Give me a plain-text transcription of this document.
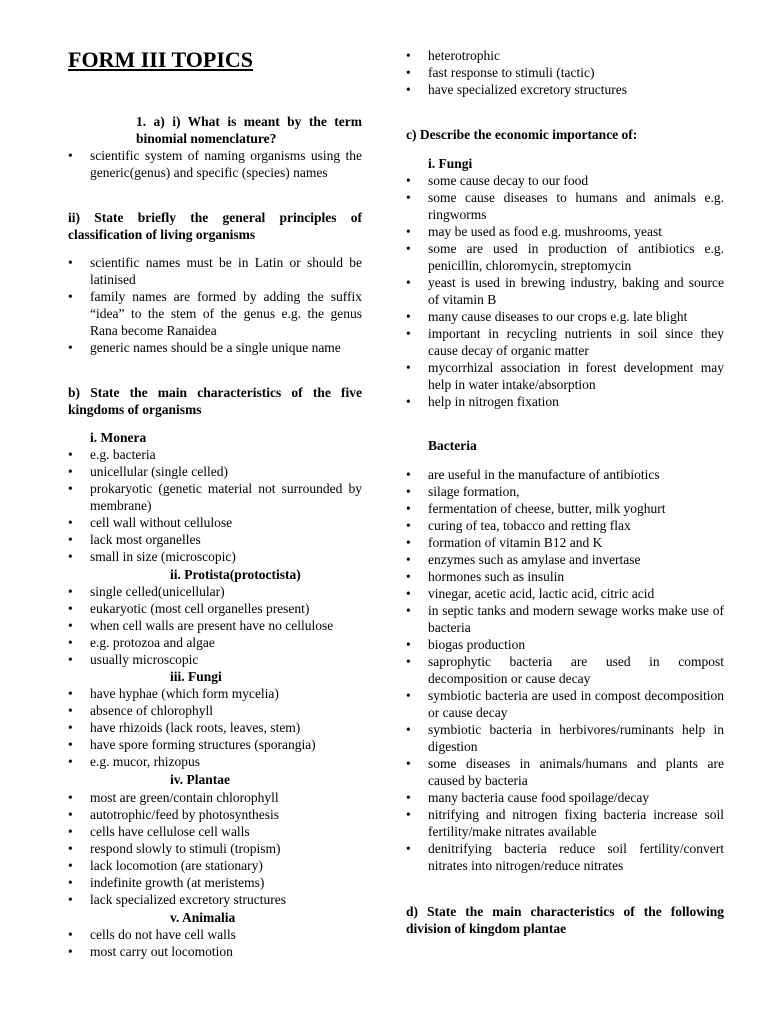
FORM III TOPICS
1. a) i) What is meant by the term binomial nomenclature?
• scientific system of naming organisms using the generic(genus) and specific (species) names
ii) State briefly the general principles of classification of living organisms
• scientific names must be in Latin or should be latinised
• family names are formed by adding the suffix “idea” to the stem of the genus e.g. the genus Rana become Ranaidea
• generic names should be a single unique name
b) State the main characteristics of the five kingdoms of organisms
i. Monera
• e.g. bacteria
• unicellular (single celled)
• prokaryotic (genetic material not surrounded by membrane)
• cell wall without cellulose
• lack most organelles
• small in size (microscopic)
ii. Protista(protoctista)
• single celled(unicellular)
• eukaryotic (most cell organelles present)
• when cell walls are present have no cellulose
• e.g. protozoa and algae
• usually microscopic
iii. Fungi
• have hyphae (which form mycelia)
• absence of chlorophyll
• have rhizoids (lack roots, leaves, stem)
• have spore forming structures (sporangia)
• e.g. mucor, rhizopus
iv. Plantae
• most are green/contain chlorophyll
• autotrophic/feed by photosynthesis
• cells have cellulose cell walls
• respond slowly to stimuli (tropism)
• lack locomotion (are stationary)
• indefinite growth (at meristems)
• lack specialized excretory structures
v. Animalia
• cells do not have cell walls
• most carry out locomotion
• heterotrophic
• fast response to stimuli (tactic)
• have specialized excretory structures
c) Describe the economic importance of:
i. Fungi
• some cause decay to our food
• some cause diseases to humans and animals e.g. ringworms
• may be used as food e.g. mushrooms, yeast
• some are used in production of antibiotics e.g. penicillin, chloromycin, streptomycin
• yeast is used in brewing industry, baking and source of vitamin B
• many cause diseases to our crops e.g. late blight
• important in recycling nutrients in soil since they cause decay of organic matter
• mycorrhizal association in forest development may help in water intake/absorption
• help in nitrogen fixation
Bacteria
• are useful in the manufacture of antibiotics
• silage formation,
• fermentation of cheese, butter, milk yoghurt
• curing of tea, tobacco and retting flax
• formation of vitamin B12 and K
• enzymes such as amylase and invertase
• hormones such as insulin
• vinegar, acetic acid, lactic acid, citric acid
• in septic tanks and modern sewage works make use of bacteria
• biogas production
• saprophytic bacteria are used in compost decomposition or cause decay
• symbiotic bacteria are used in compost decomposition or cause decay
• symbiotic bacteria in herbivores/ruminants help in digestion
• some diseases in animals/humans and plants are caused by bacteria
• many bacteria cause food spoilage/decay
• nitrifying and nitrogen fixing bacteria increase soil fertility/make nitrates available
• denitrifying bacteria reduce soil fertility/convert nitrates into nitrogen/reduce nitrates
d) State the main characteristics of the following division of kingdom plantae
